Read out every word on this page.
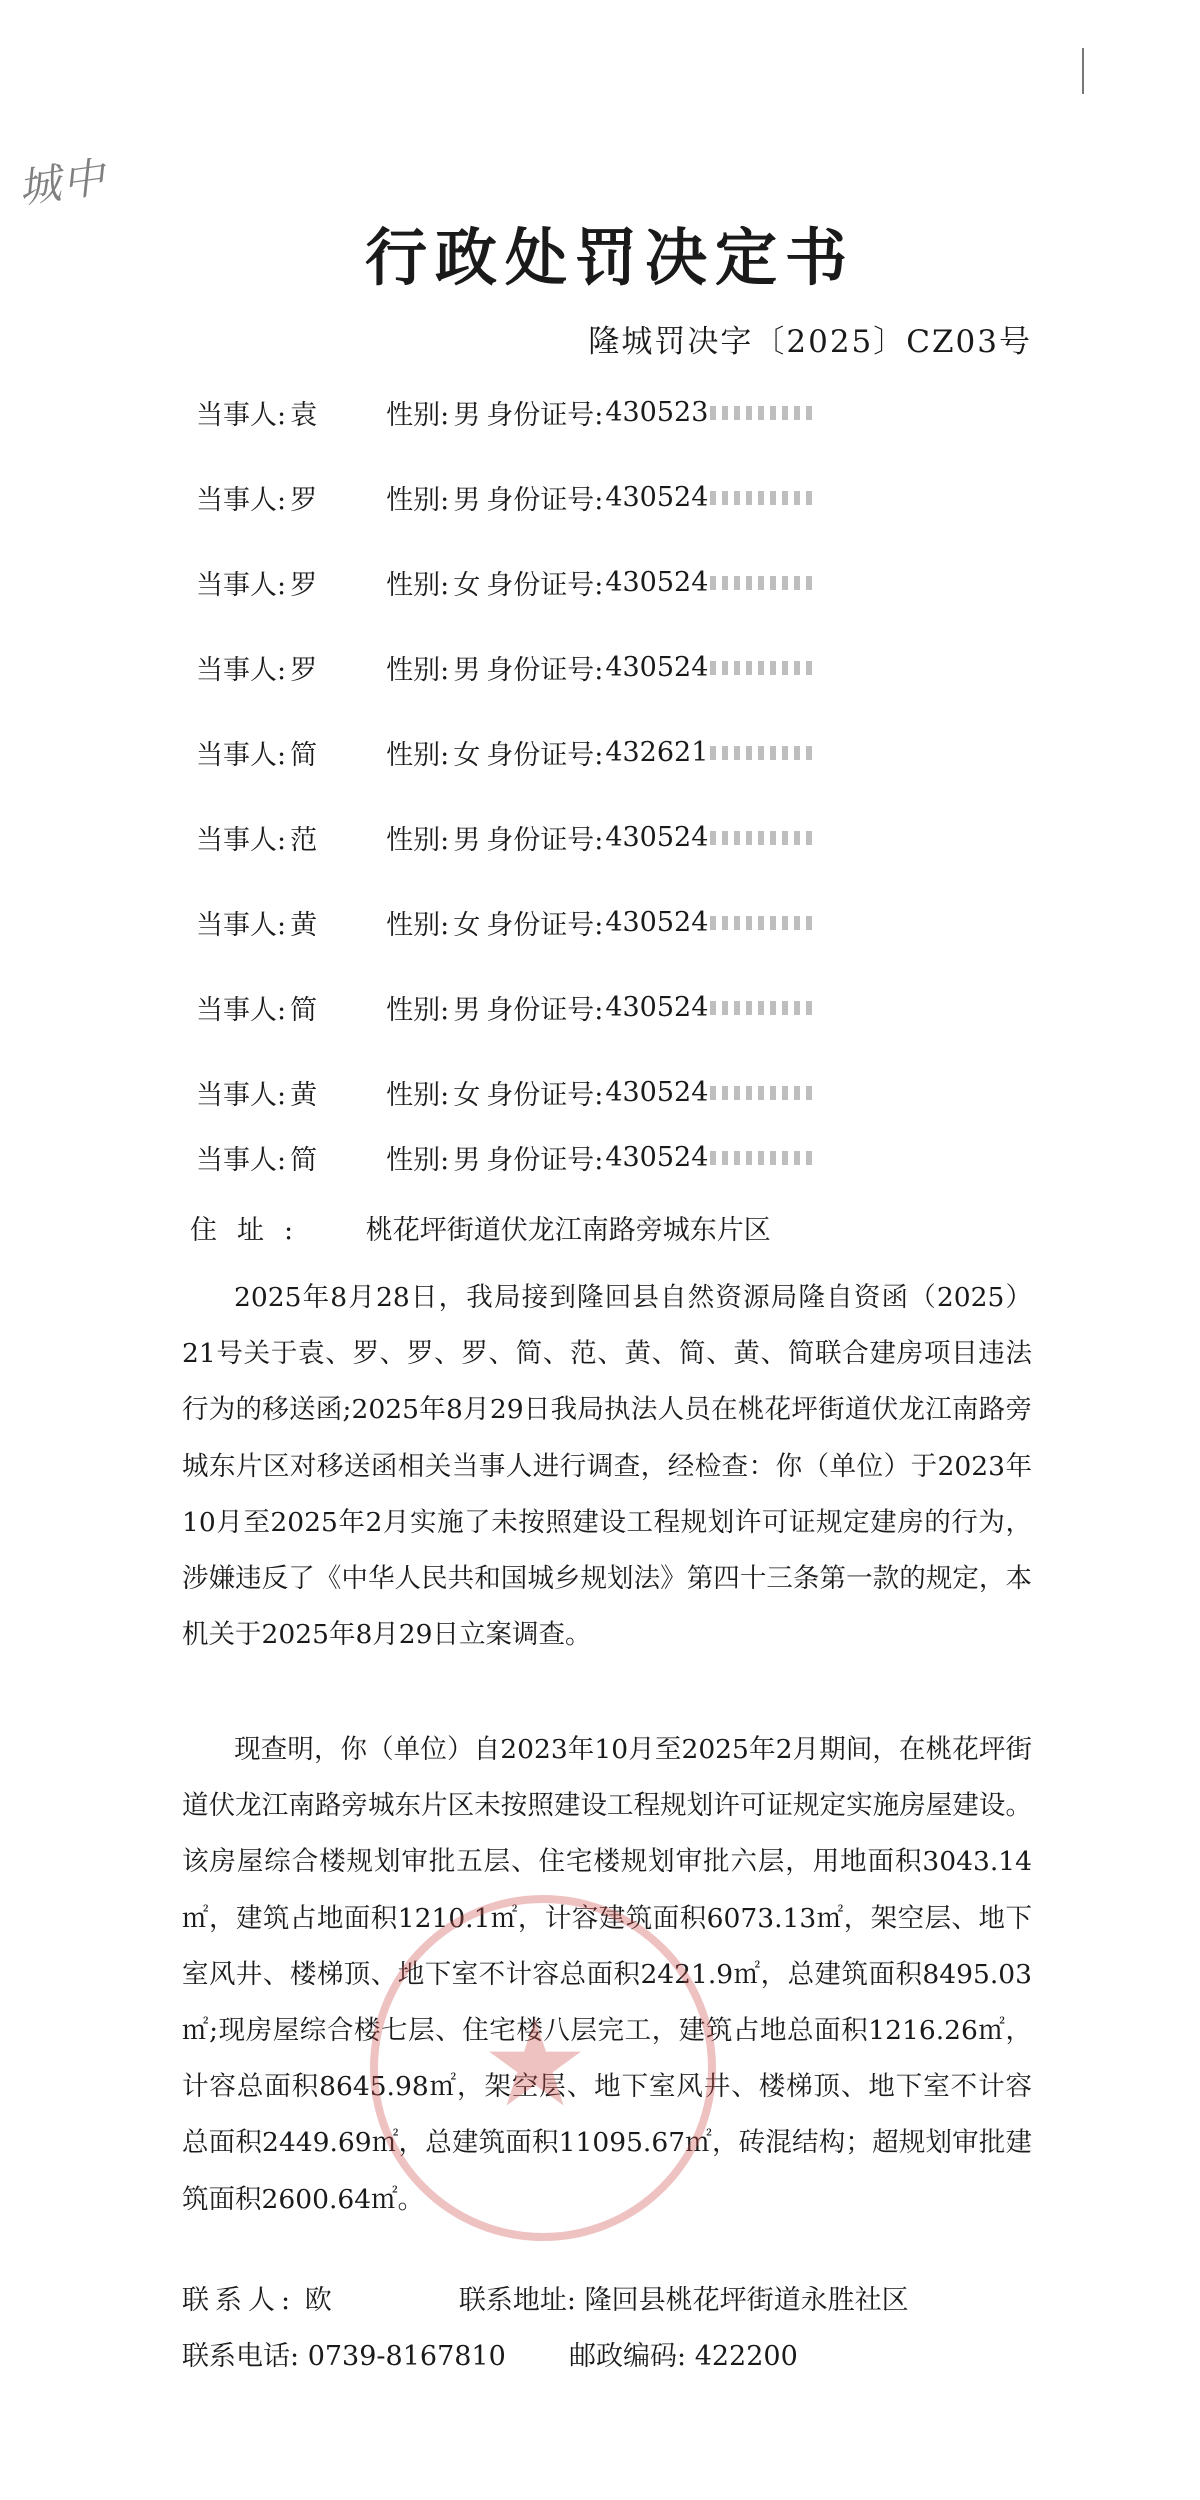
城中
行政处罚决定书
隆城罚决字〔2025〕CZ03号
当事人: 袁	性别: 男 身份证号: 430523
当事人: 罗	性别: 男 身份证号: 430524
当事人: 罗	性别: 女 身份证号: 430524
当事人: 罗	性别: 男 身份证号: 430524
当事人: 简	性别: 女 身份证号: 432621
当事人: 范	性别: 男 身份证号: 430524
当事人: 黄	性别: 女 身份证号: 430524
当事人: 简	性别: 男 身份证号: 430524
当事人: 黄	性别: 女 身份证号: 430524
当事人: 简	性别: 男 身份证号: 430524
住址: 桃花坪街道伏龙江南路旁城东片区
2025年8月28日，我局接到隆回县自然资源局隆自资函（2025）21号关于袁、罗、罗、罗、简、范、黄、简、黄、简联合建房项目违法行为的移送函;2025年8月29日我局执法人员在桃花坪街道伏龙江南路旁城东片区对移送函相关当事人进行调查，经检查：你（单位）于2023年10月至2025年2月实施了未按照建设工程规划许可证规定建房的行为，涉嫌违反了《中华人民共和国城乡规划法》第四十三条第一款的规定，本机关于2025年8月29日立案调查。
现查明，你（单位）自2023年10月至2025年2月期间，在桃花坪街道伏龙江南路旁城东片区未按照建设工程规划许可证规定实施房屋建设。该房屋综合楼规划审批五层、住宅楼规划审批六层，用地面积3043.14㎡，建筑占地面积1210.1㎡，计容建筑面积6073.13㎡，架空层、地下室风井、楼梯顶、地下室不计容总面积2421.9㎡，总建筑面积8495.03㎡;现房屋综合楼七层、住宅楼八层完工，建筑占地总面积1216.26㎡，计容总面积8645.98㎡，架空层、地下室风井、楼梯顶、地下室不计容总面积2449.69㎡，总建筑面积11095.67㎡，砖混结构；超规划审批建筑面积2600.64㎡。
★
联系人: 欧	联系地址: 隆回县桃花坪街道永胜社区
联系电话: 0739-8167810 邮政编码: 422200
